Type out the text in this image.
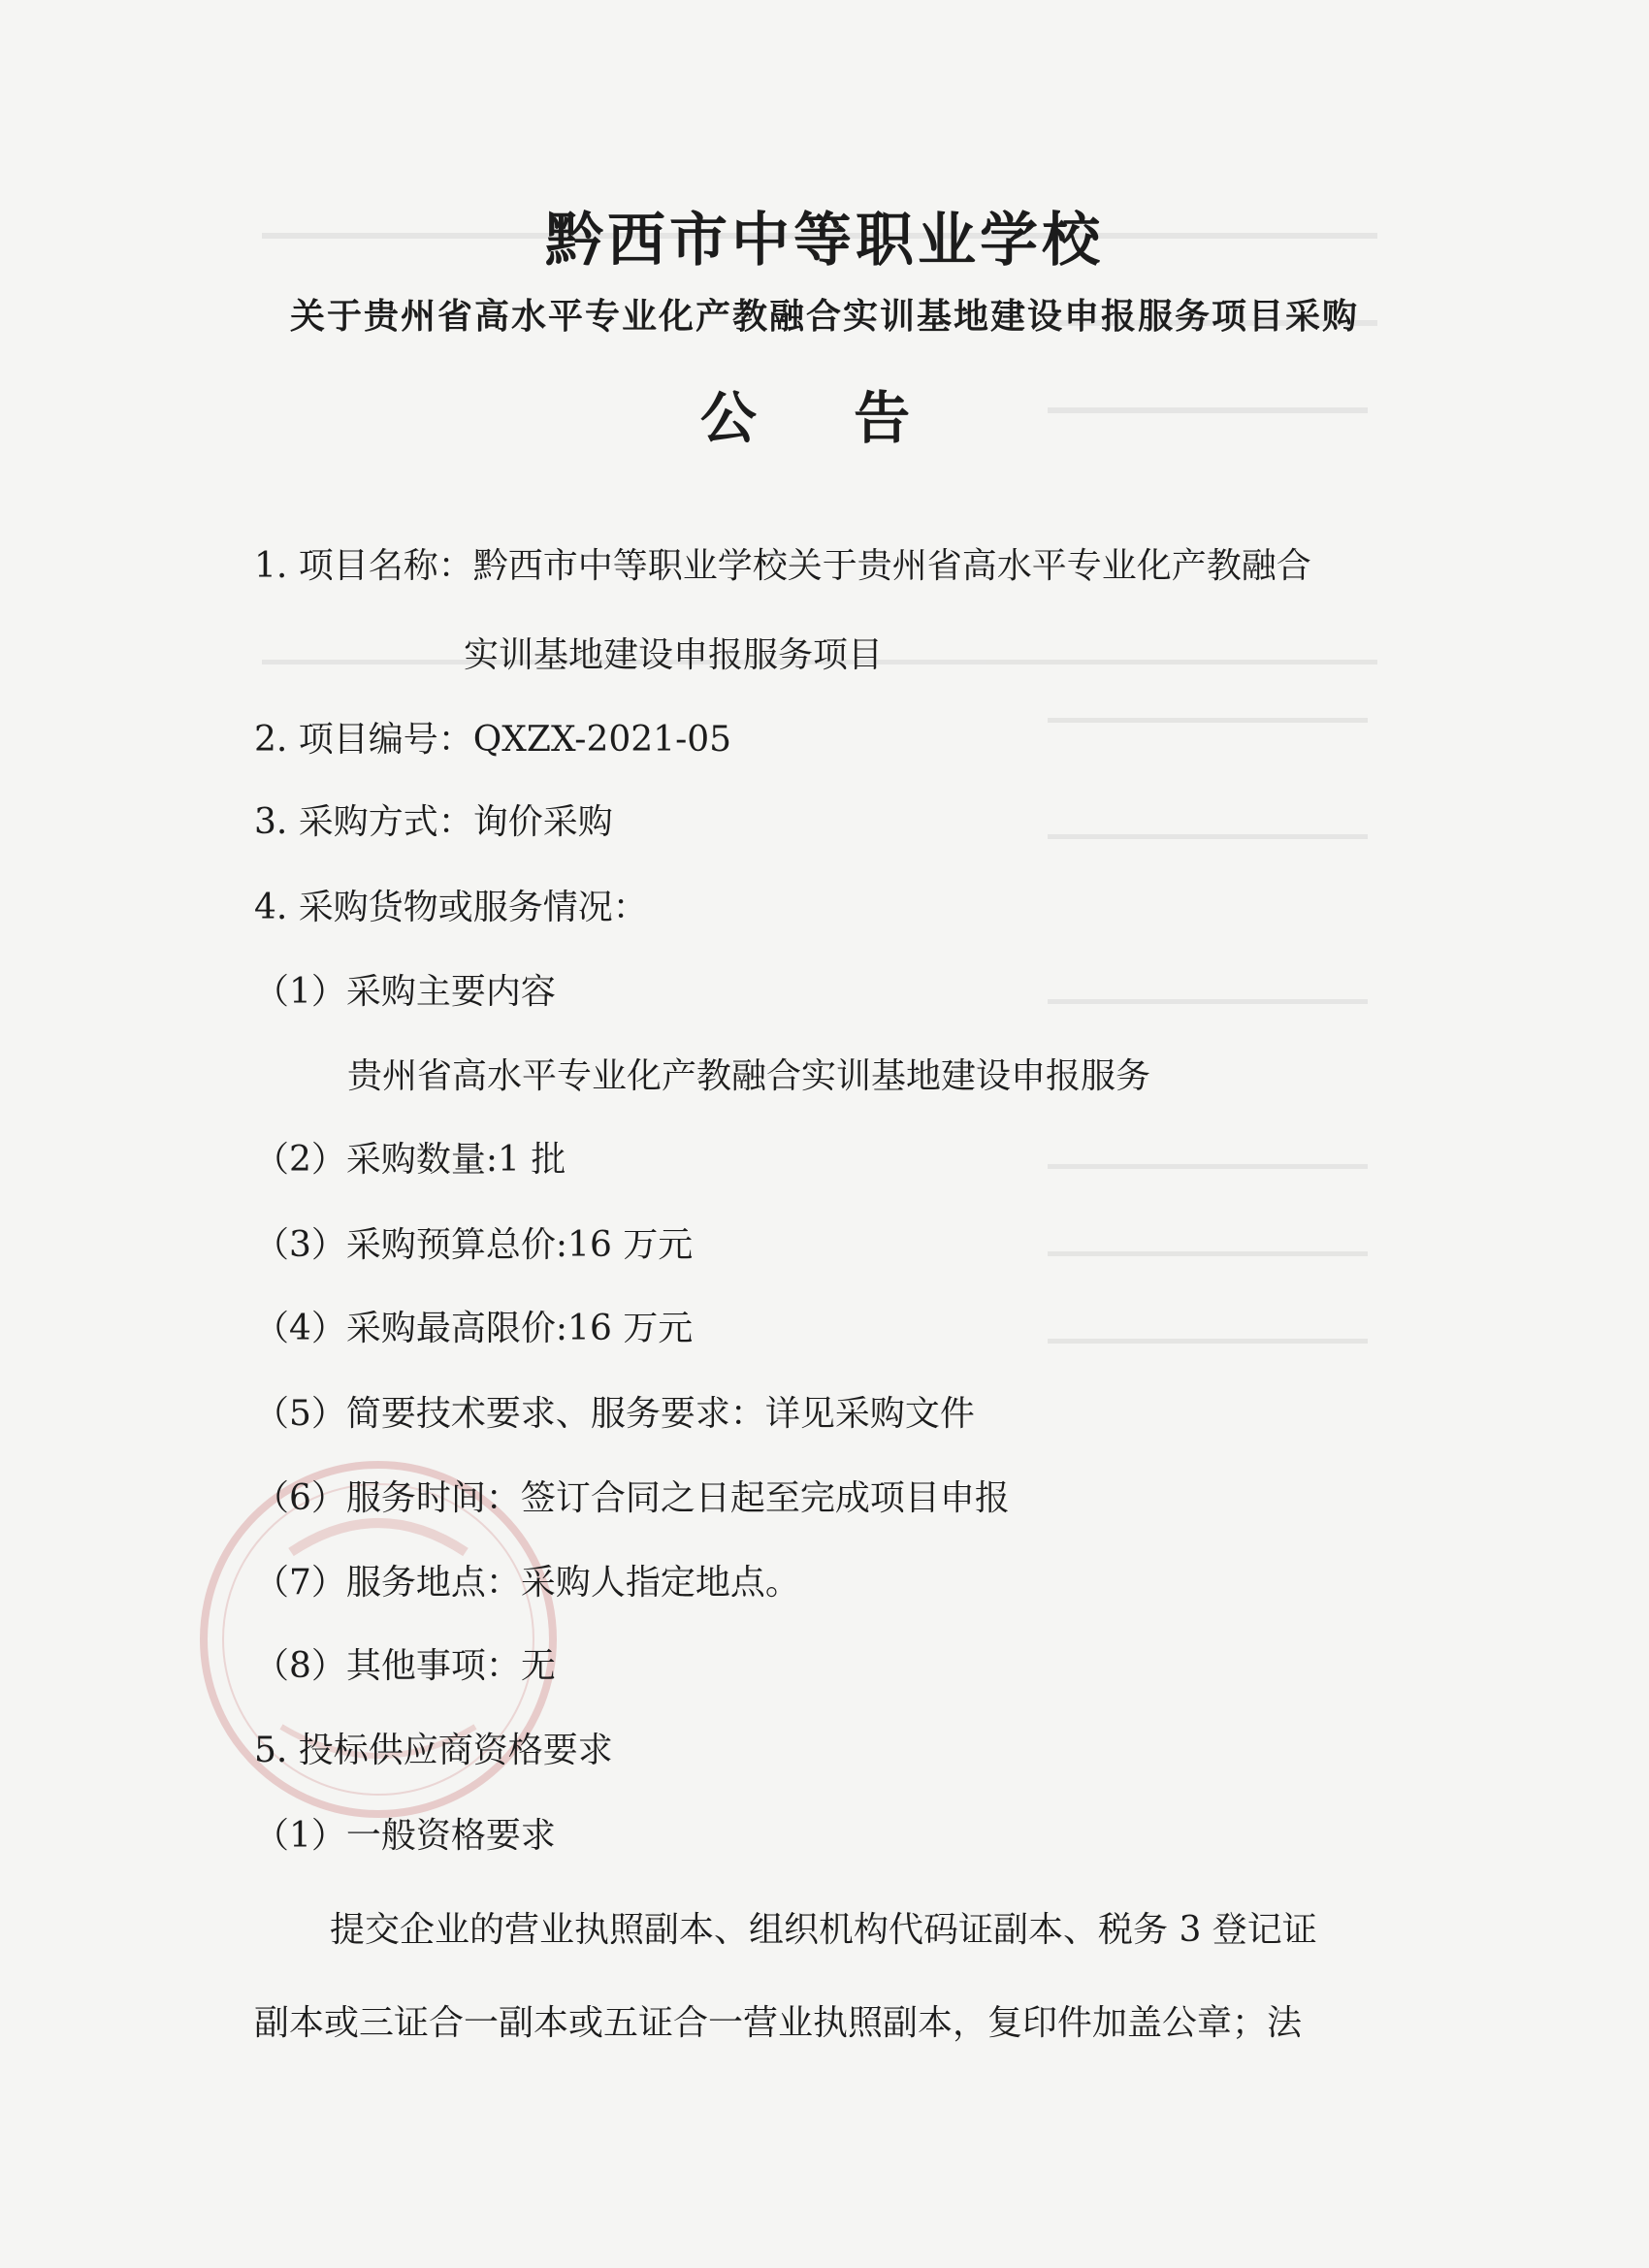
黔西市中等职业学校
关于贵州省高水平专业化产教融合实训基地建设申报服务项目采购
公 告
1. 项目名称：黔西市中等职业学校关于贵州省高水平专业化产教融合
实训基地建设申报服务项目
2. 项目编号：QXZX-2021-05
3. 采购方式：询价采购
4. 采购货物或服务情况：
（1）采购主要内容
贵州省高水平专业化产教融合实训基地建设申报服务
（2）采购数量:1 批
（3）采购预算总价:16 万元
（4）采购最高限价:16 万元
（5）简要技术要求、服务要求：详见采购文件
（6）服务时间：签订合同之日起至完成项目申报
（7）服务地点：采购人指定地点。
（8）其他事项：无
5. 投标供应商资格要求
（1）一般资格要求
提交企业的营业执照副本、组织机构代码证副本、税务 3 登记证
副本或三证合一副本或五证合一营业执照副本，复印件加盖公章；法
